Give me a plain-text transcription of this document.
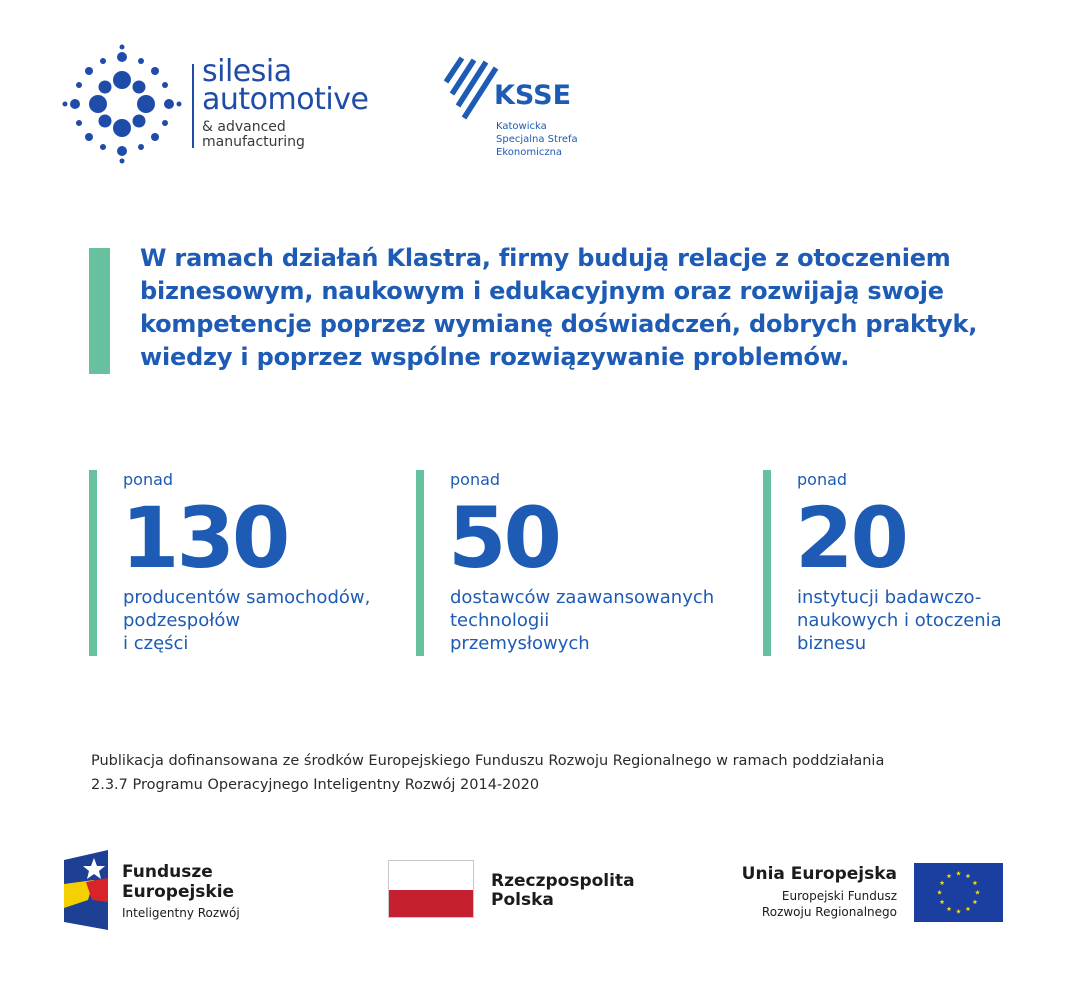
silesia
automotive
& advanced
manufacturing
KSSE
Katowicka
Specjalna Strefa
Ekonomiczna
W ramach działań Klastra, firmy budują relacje z otoczeniem biznesowym, naukowym i edukacyjnym oraz rozwijają swoje kompetencje poprzez wymianę doświadczeń, dobrych praktyk, wiedzy i poprzez wspólne rozwiązywanie problemów.
ponad
130
producentów samochodów,
podzespołów
i części
ponad
50
dostawców zaawansowanych
technologii
przemysłowych
ponad
20
instytucji badawczo-
naukowych i otoczenia
biznesu
Publikacja dofinansowana ze środków Europejskiego Funduszu Rozwoju Regionalnego w ramach poddziałania
2.3.7 Programu Operacyjnego Inteligentny Rozwój 2014-2020
Fundusze
Europejskie
Inteligentny Rozwój
Rzeczpospolita
Polska
Unia Europejska
Europejski Fundusz
Rozwoju Regionalnego
